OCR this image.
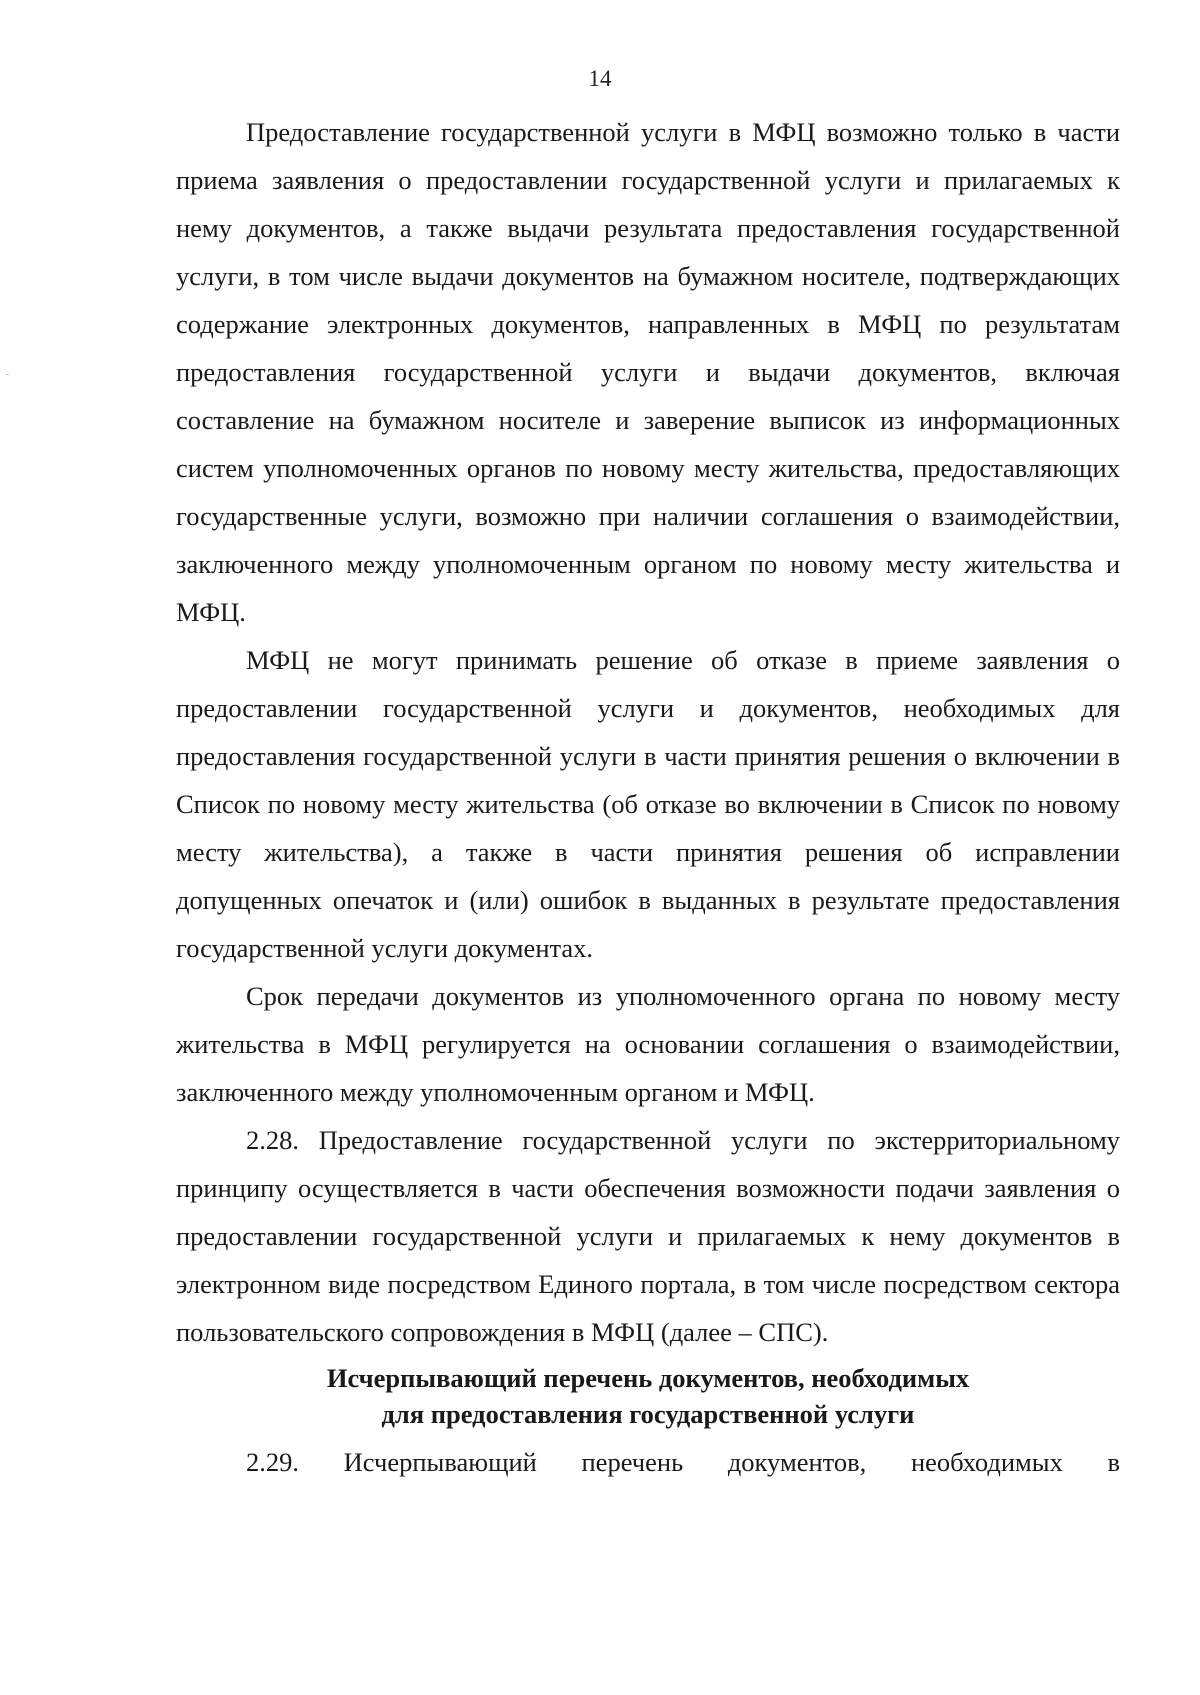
14

Предоставление государственной услуги в МФЦ возможно только в части приема заявления о предоставлении государственной услуги и прилагаемых к нему документов, а также выдачи результата предоставления государственной услуги, в том числе выдачи документов на бумажном носителе, подтверждающих содержание электронных документов, направленных в МФЦ по результатам предоставления государственной услуги и выдачи документов, включая составление на бумажном носителе и заверение выписок из информационных систем уполномоченных органов по новому месту жительства, предоставляющих государственные услуги, возможно при наличии соглашения о взаимодействии, заключенного между уполномоченным органом по новому месту жительства и МФЦ.

МФЦ не могут принимать решение об отказе в приеме заявления о предоставлении государственной услуги и документов, необходимых для предоставления государственной услуги в части принятия решения о включении в Список по новому месту жительства (об отказе во включении в Список по новому месту жительства), а также в части принятия решения об исправлении допущенных опечаток и (или) ошибок в выданных в результате предоставления государственной услуги документах.

Срок передачи документов из уполномоченного органа по новому месту жительства в МФЦ регулируется на основании соглашения о взаимодействии, заключенного между уполномоченным органом и МФЦ.

2.28. Предоставление государственной услуги по экстерриториальному принципу осуществляется в части обеспечения возможности подачи заявления о предоставлении государственной услуги и прилагаемых к нему документов в электронном виде посредством Единого портала, в том числе посредством сектора пользовательского сопровождения в МФЦ (далее – СПС).

Исчерпывающий перечень документов, необходимых
для предоставления государственной услуги

2.29. Исчерпывающий перечень документов, необходимых в
